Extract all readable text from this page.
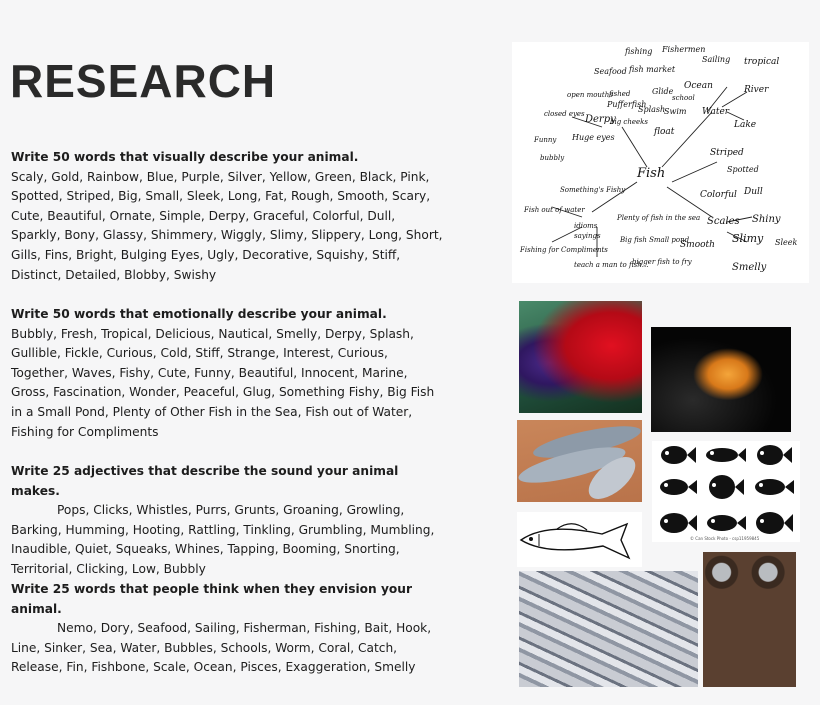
RESEARCH

Write 50 words that visually describe your animal.

Scaly, Gold, Rainbow, Blue, Purple, Silver, Yellow, Green, Black, Pink,

Spotted, Striped, Big, Small, Sleek, Long, Fat, Rough, Smooth, Scary,

Cute, Beautiful, Ornate, Simple, Derpy, Graceful, Colorful, Dull,

Sparkly, Bony, Glassy, Shimmery, Wiggly, Slimy, Slippery, Long, Short,

Gills, Fins, Bright, Bulging Eyes, Ugly, Decorative, Squishy, Stiff,

Distinct, Detailed, Blobby, Swishy

Write 50 words that emotionally describe your animal.

Bubbly, Fresh, Tropical, Delicious, Nautical, Smelly, Derpy, Splash,

Gullible, Fickle, Curious, Cold, Stiff, Strange, Interest, Curious,

Together, Waves, Fishy, Cute, Funny, Beautiful, Innocent, Marine,

Gross, Fascination, Wonder, Peaceful, Glug, Something Fishy, Big Fish

in a Small Pond, Plenty of Other Fish in the Sea, Fish out of Water,

Fishing for Compliments

Write 25 adjectives that describe the sound your animal makes.

Pops, Clicks, Whistles, Purrs, Grunts, Groaning, Growling,

Barking, Humming, Hooting, Rattling, Tinkling, Grumbling, Mumbling,

Inaudible, Quiet, Squeaks, Whines, Tapping, Booming, Snorting,

Territorial, Clicking, Low, Bubbly

Write 25 words that people think when they envision your animal.

Nemo, Dory, Seafood, Sailing, Fisherman, Fishing, Bait, Hook,

Line, Sinker, Sea, Water, Bubbles, Schools, Worm, Coral, Catch,

Release, Fin, Fishbone, Scale, Ocean, Pisces, Exaggeration, Smelly

Fish
fishing Fishermen
Sailing tropical
Seafood fish market
Ocean	River
open mouths
fished	Glide
school
Pufferfish
Splash
Swim Water
closed eyes Derpy
big cheeks	Lake
Funny Huge eyes
float
bubbly	Striped
Spotted
Colorful Dull
Something's Fishy
Fish out of water
idioms
sayings
Plenty of fish in the sea Scales Shiny
Big fish Small pond
Smooth Slimy Sleek
Fishing for Compliments
teach a man to fish...
bigger fish to fry	Smelly
© Can Stock Photo - csp11959845
